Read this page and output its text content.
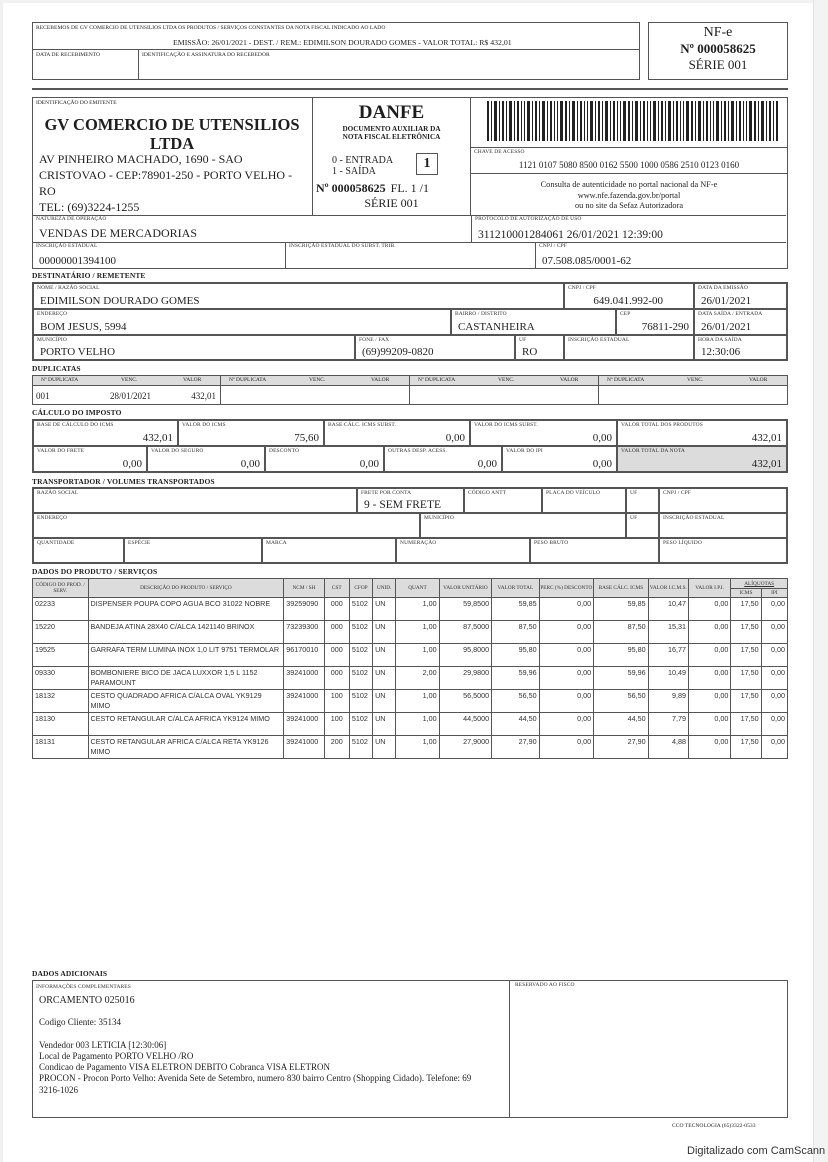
RECEBEMOS DE GV COMERCIO DE UTENSILIOS LTDA OS PRODUTOS / SERVIÇOS CONSTANTES DA NOTA FISCAL INDICADO AO LADO
EMISSÃO: 26/01/2021 - DEST. / REM.: EDIMILSON DOURADO GOMES - VALOR TOTAL: R$ 432,01
DATA DE RECEBIMENTO	IDENTIFICAÇÃO E ASSINATURA DO RECEBEDOR
NF-e
Nº 000058625
SÉRIE 001
IDENTIFICAÇÃO DO EMITENTE
GV COMERCIO DE UTENSILIOS
LTDA
AV PINHEIRO MACHADO, 1690 - SAO
CRISTOVAO - CEP:78901-250 - PORTO VELHO -
RO
TEL: (69)3224-1255
DANFE
DOCUMENTO AUXILIAR DA
NOTA FISCAL ELETRÔNICA
0 - ENTRADA
1 - SAÍDA
1
Nº 000058625 FL. 1 /1
SÉRIE 001
CHAVE DE ACESSO
1121 0107 5080 8500 0162 5500 1000 0586 2510 0123 0160
Consulta de autenticidade no portal nacional da NF-e
www.nfe.fazenda.gov.br/portal
ou no site da Sefaz Autorizadora
NATUREZA DE OPERAÇÃO
VENDAS DE MERCADORIAS
PROTOCOLO DE AUTORIZAÇÃO DE USO
311210001284061 26/01/2021 12:39:00
INSCRIÇÃO ESTADUAL
00000001394100
INSCRIÇÃO ESTADUAL DO SUBST. TRIB.	CNPJ / CPF
07.508.085/0001-62
DESTINATÁRIO / REMETENTE
NOME / RAZÃO SOCIAL
EDIMILSON DOURADO GOMES
CNPJ / CPF
649.041.992-00
DATA DA EMISSÃO
26/01/2021
ENDEREÇO
BOM JESUS, 5994
BAIRRO / DISTRITO
CASTANHEIRA
CEP
76811-290
DATA SAÍDA / ENTRADA
26/01/2021
MUNICÍPIO
PORTO VELHO
FONE / FAX
(69)99209-0820
UF
RO
INSCRIÇÃO ESTADUAL	HORA DA SAÍDA
12:30:06
DUPLICATAS
Nº DUPLICATA	VENC.	VALOR
001	28/01/2021	432,01
Nº DUPLICATA	VENC.	VALOR	Nº DUPLICATA	VENC.	VALOR	Nº DUPLICATA	VENC.	VALOR
CÁLCULO DO IMPOSTO
BASE DE CÁLCULO DO ICMS
432,01
VALOR DO ICMS
75,60
BASE CÁLC. ICMS SUBST.
0,00
VALOR DO ICMS SUBST.
0,00
VALOR TOTAL DOS PRODUTOS
432,01
VALOR DO FRETE
0,00
VALOR DO SEGURO
0,00
DESCONTO
0,00
OUTRAS DESP. ACESS.
0,00
VALOR DO IPI
0,00
VALOR TOTAL DA NOTA
432,01
TRANSPORTADOR / VOLUMES TRANSPORTADOS
RAZÃO SOCIAL	FRETE POR CONTA
9 - SEM FRETE
CÓDIGO ANTT	PLACA DO VEÍCULO	UF	CNPJ / CPF
ENDEREÇO	MUNICÍPIO	UF	INSCRIÇÃO ESTADUAL
QUANTIDADE	ESPÉCIE	MARCA	NUMERAÇÃO	PESO BRUTO	PESO LÍQUIDO
DADOS DO PRODUTO / SERVIÇOS
CÓDIGO DO PROD. / SERV.	DESCRIÇÃO DO PRODUTO / SERVIÇO	NCM / SH	CST	CFOP	UNID.	QUANT	VALOR UNITÁRIO	VALOR TOTAL	PERC (%) DESCONTO	BASE CÁLC. ICMS	VALOR I.C.M.S.	VALOR I.P.I.	ALÍQUOTAS	
													ICMS	IPI
02233	DISPENSER POUPA COPO AGUA BCO 31022 NOBRE	39259090	000	5102	UN	1,00	59,8500	59,85	0,00	59,85	10,47	0,00	17,50	0,00
15220	BANDEJA ATINA 28X40 C/ALCA 1421140 BRINOX	73239300	000	5102	UN	1,00	87,5000	87,50	0,00	87,50	15,31	0,00	17,50	0,00
19525	GARRAFA TERM LUMINA INOX 1,0 LIT 9751 TERMOLAR	96170010	000	5102	UN	1,00	95,8000	95,80	0,00	95,80	16,77	0,00	17,50	0,00
09330	BOMBONIERE BICO DE JACA LUXXOR 1,5 L 1152 PARAMOUNT	39241000	000	5102	UN	2,00	29,9800	59,96	0,00	59,96	10,49	0,00	17,50	0,00
18132	CESTO QUADRADO AFRICA C/ALCA OVAL YK9129 MIMO	39241000	100	5102	UN	1,00	56,5000	56,50	0,00	56,50	9,89	0,00	17,50	0,00
18130	CESTO RETANGULAR C/ALCA AFRICA YK9124 MIMO	39241000	100	5102	UN	1,00	44,5000	44,50	0,00	44,50	7,79	0,00	17,50	0,00
18131	CESTO RETANGULAR AFRICA C/ALCA RETA YK9126 MIMO	39241000	200	5102	UN	1,00	27,9000	27,90	0,00	27,90	4,88	0,00	17,50	0,00
DADOS ADICIONAIS
INFORMAÇÕES COMPLEMENTARES
ORCAMENTO 025016
Codigo Cliente: 35134
Vendedor 003 LETICIA [12:30:06]
Local de Pagamento PORTO VELHO /RO
Condicao de Pagamento VISA ELETRON DEBITO Cobranca VISA ELETRON
PROCON - Procon Porto Velho: Avenida Sete de Setembro, numero 830 bairro Centro (Shopping Cidado). Telefone: 69
3216-1026
RESERVADO AO FISCO
CCO TECNOLOGIA (65)3322-0533
Digitalizado com CamScann
